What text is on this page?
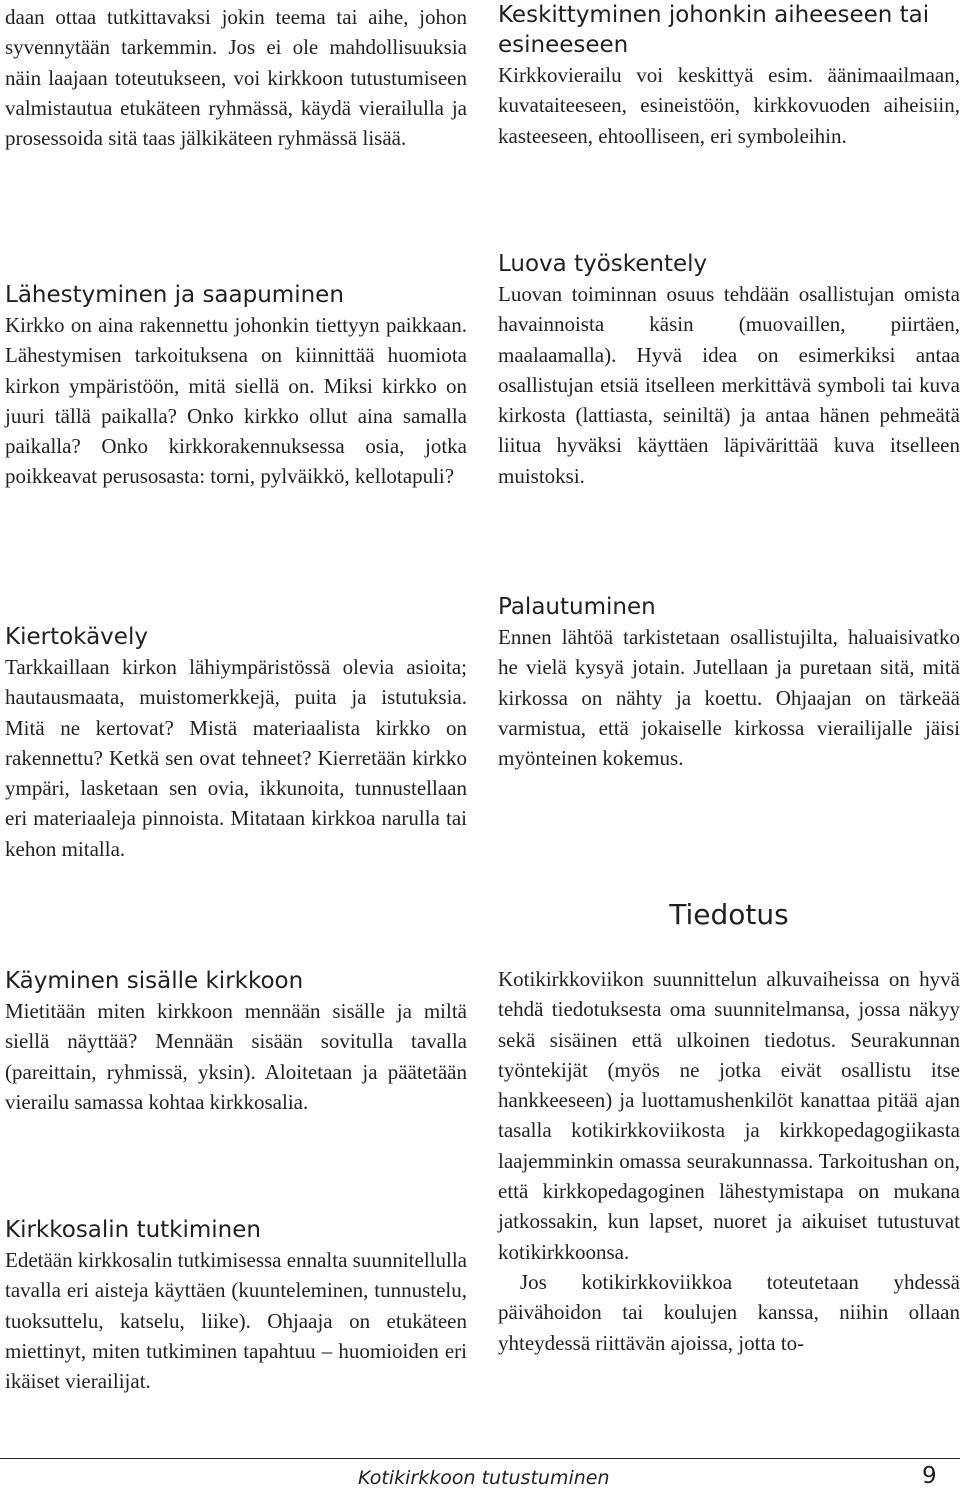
daan ottaa tutkittavaksi jokin teema tai aihe, johon syvennytään tarkemmin. Jos ei ole mahdollisuuksia näin laajaan toteutukseen, voi kirkkoon tutustumiseen valmistautua etukäteen ryhmässä, käydä vierailulla ja prosessoida sitä taas jälkikäteen ryhmässä lisää.

Lähestyminen ja saapuminen

Kirkko on aina rakennettu johonkin tiettyyn paikkaan. Lähestymisen tarkoituksena on kiinnittää huomiota kirkon ympäristöön, mitä siellä on. Miksi kirkko on juuri tällä paikalla? Onko kirkko ollut aina samalla paikalla? Onko kirkkorakennuksessa osia, jotka poikkeavat perusosasta: torni, pylväikkö, kellotapuli?

Kiertokävely

Tarkkaillaan kirkon lähiympäristössä olevia asioita; hautausmaata, muistomerkkejä, puita ja istutuksia. Mitä ne kertovat? Mistä materiaalista kirkko on rakennettu? Ketkä sen ovat tehneet? Kierretään kirkko ympäri, lasketaan sen ovia, ikkunoita, tunnustellaan eri materiaaleja pinnoista. Mitataan kirkkoa narulla tai kehon mitalla.

Käyminen sisälle kirkkoon

Mietitään miten kirkkoon mennään sisälle ja miltä siellä näyttää? Mennään sisään sovitulla tavalla (pareittain, ryhmissä, yksin). Aloitetaan ja päätetään vierailu samassa kohtaa kirkkosalia.

Kirkkosalin tutkiminen

Edetään kirkkosalin tutkimisessa ennalta suunnitellulla tavalla eri aisteja käyttäen (kuunteleminen, tunnustelu, tuoksuttelu, katselu, liike). Ohjaaja on etukäteen miettinyt, miten tutkiminen tapahtuu – huomioiden eri ikäiset vierailijat.

Keskittyminen johonkin aiheeseen tai esineeseen

Kirkkovierailu voi keskittyä esim. äänimaailmaan, kuvataiteeseen, esineistöön, kirkkovuoden aiheisiin, kasteeseen, ehtoolliseen, eri symboleihin.

Luova työskentely

Luovan toiminnan osuus tehdään osallistujan omista havainnoista käsin (muovaillen, piirtäen, maalaamalla). Hyvä idea on esimerkiksi antaa osallistujan etsiä itselleen merkittävä symboli tai kuva kirkosta (lattiasta, seiniltä) ja antaa hänen pehmeätä liitua hyväksi käyttäen läpivärittää kuva itselleen muistoksi.

Palautuminen

Ennen lähtöä tarkistetaan osallistujilta, haluaisivatko he vielä kysyä jotain. Jutellaan ja puretaan sitä, mitä kirkossa on nähty ja koettu. Ohjaajan on tärkeää varmistua, että jokaiselle kirkossa vierailijalle jäisi myönteinen kokemus.

Tiedotus

Kotikirkkoviikon suunnittelun alkuvaiheissa on hyvä tehdä tiedotuksesta oma suunnitelmansa, jossa näkyy sekä sisäinen että ulkoinen tiedotus. Seurakunnan työntekijät (myös ne jotka eivät osallistu itse hankkeeseen) ja luottamushenkilöt kanattaa pitää ajan tasalla kotikirkkoviikosta ja kirkkopedagogiikasta laajemminkin omassa seurakunnassa. Tarkoitushan on, että kirkkopedagoginen lähestymistapa on mukana jatkossakin, kun lapset, nuoret ja aikuiset tutustuvat kotikirkkoonsa.

Jos kotikirkkoviikkoa toteutetaan yhdessä päivähoidon tai koulujen kanssa, niihin ollaan yhteydessä riittävän ajoissa, jotta to-

Kotikirkkoon tutustuminen	9
